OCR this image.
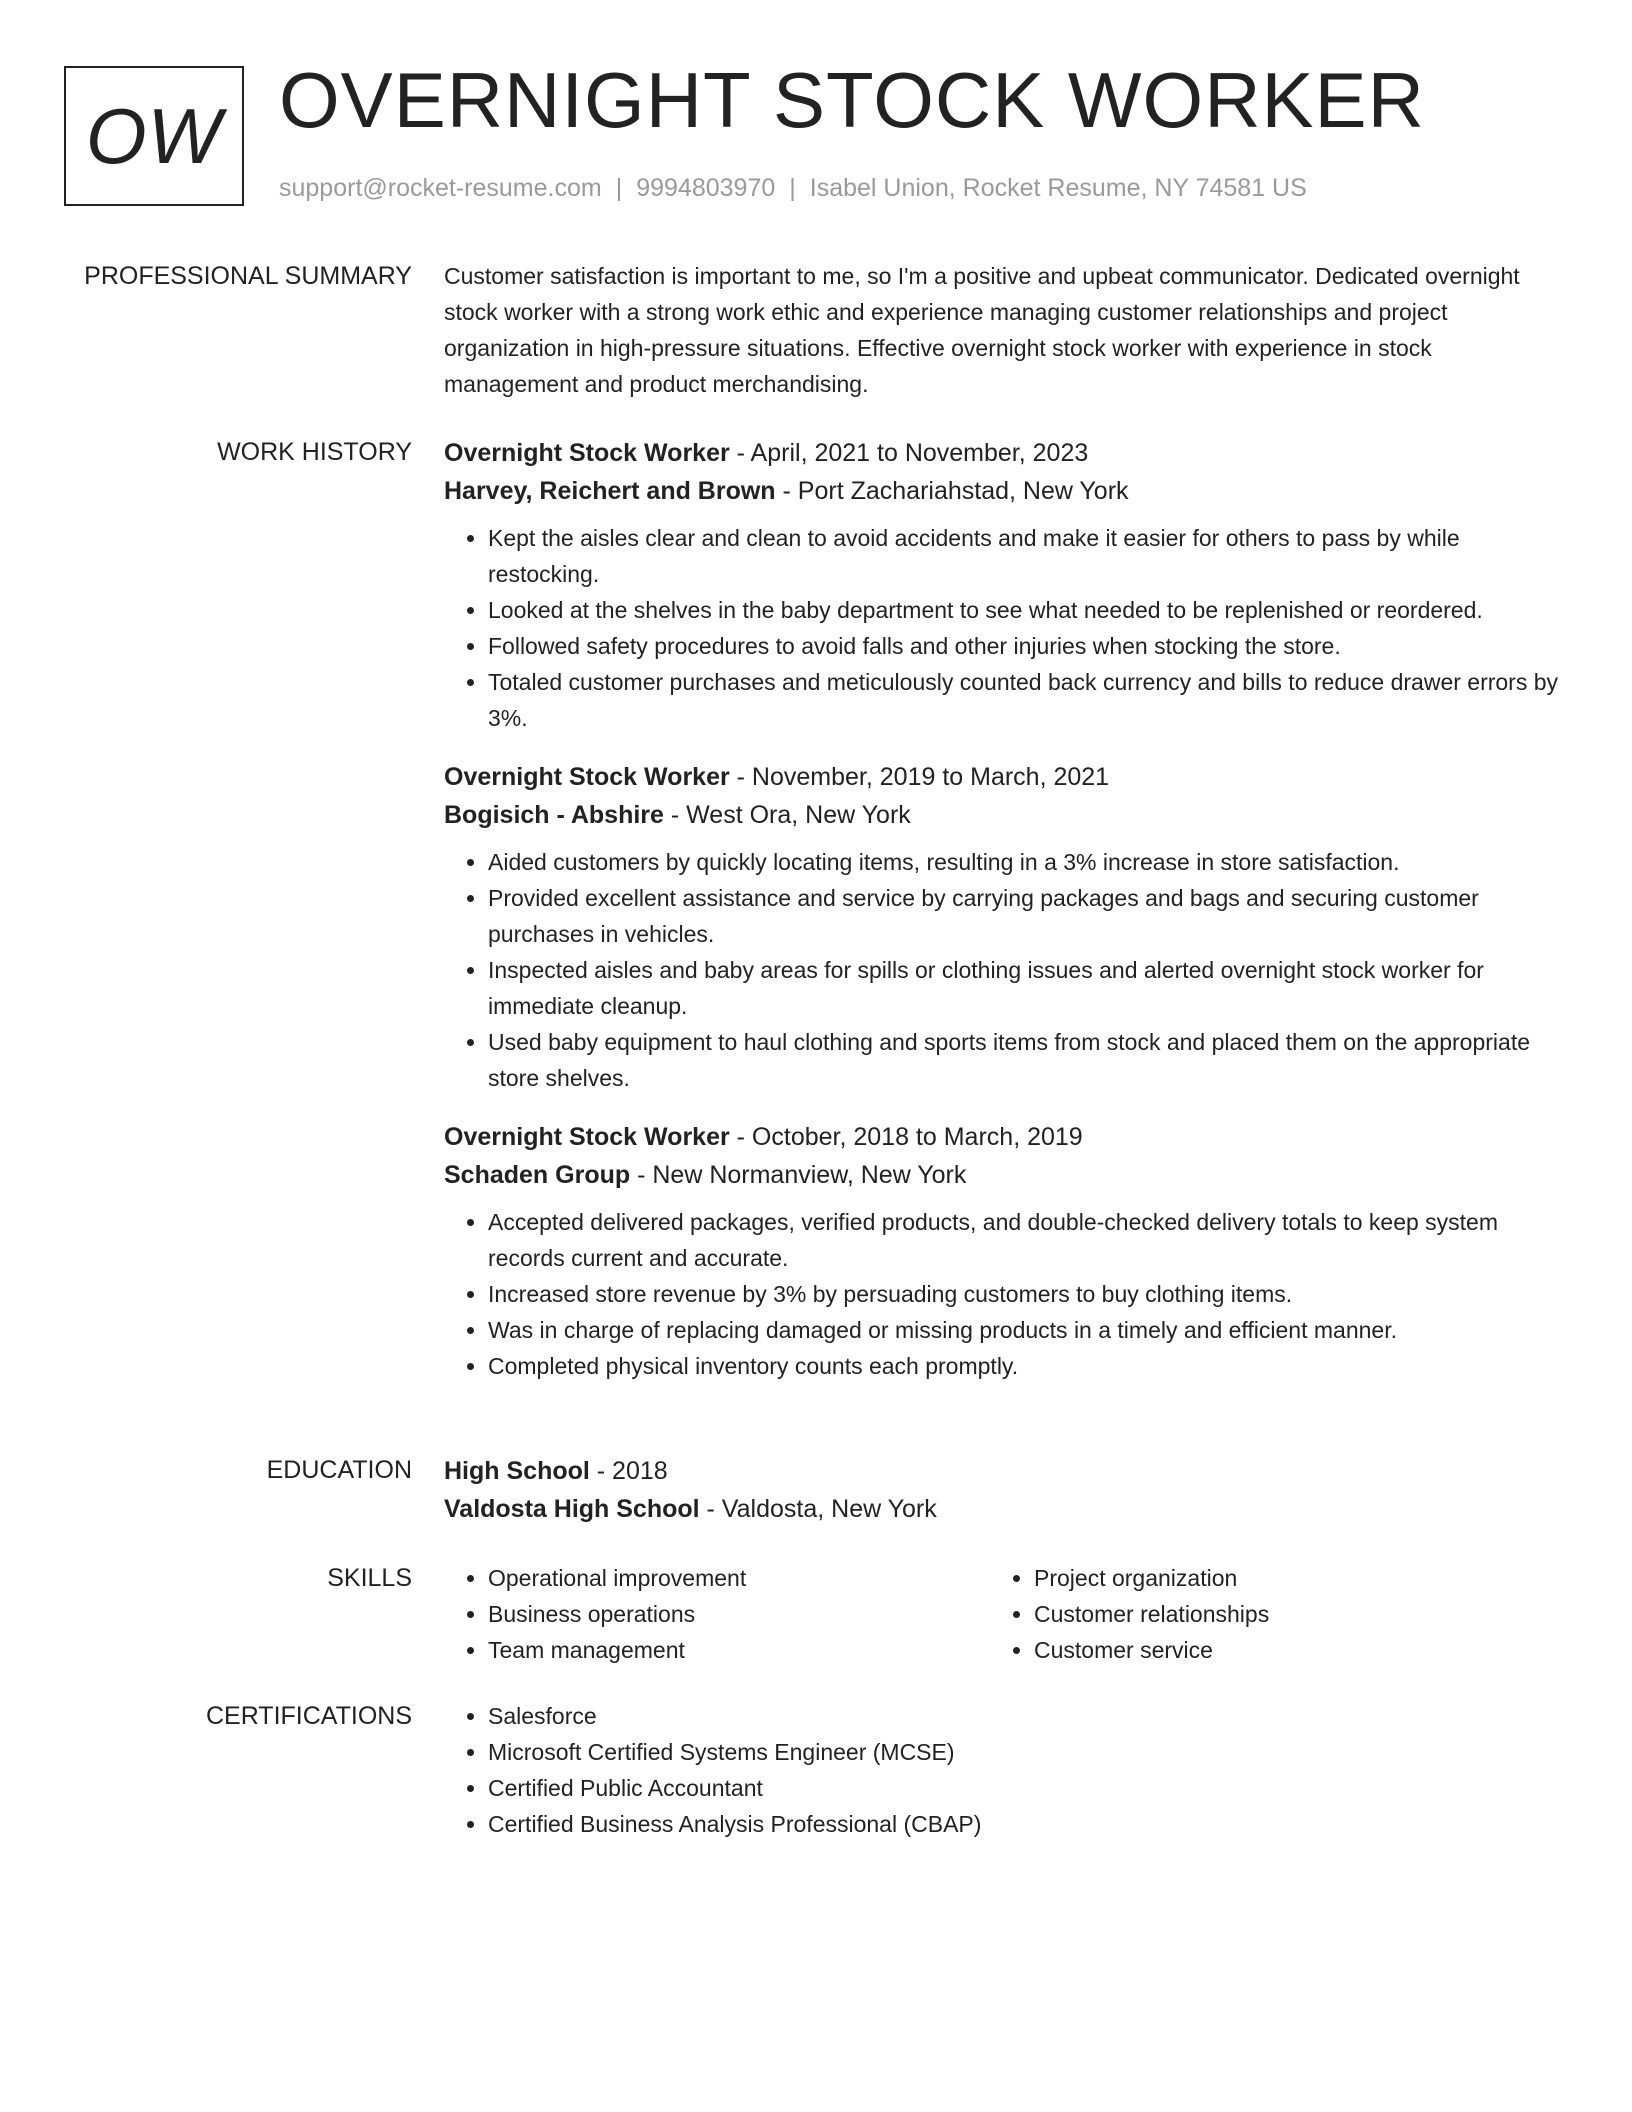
OW OVERNIGHT STOCK WORKER
support@rocket-resume.com | 9994803970 | Isabel Union, Rocket Resume, NY 74581 US
PROFESSIONAL SUMMARY Customer satisfaction is important to me, so I'm a positive and upbeat communicator. Dedicated overnight stock worker with a strong work ethic and experience managing customer relationships and project organization in high-pressure situations. Effective overnight stock worker with experience in stock management and product merchandising.

WORK HISTORY Overnight Stock Worker - April, 2021 to November, 2023
Harvey, Reichert and Brown - Port Zachariahstad, New York
• Kept the aisles clear and clean to avoid accidents and make it easier for others to pass by while restocking.
• Looked at the shelves in the baby department to see what needed to be replenished or reordered.
• Followed safety procedures to avoid falls and other injuries when stocking the store.
• Totaled customer purchases and meticulously counted back currency and bills to reduce drawer errors by 3%.
Overnight Stock Worker - November, 2019 to March, 2021
Bogisich - Abshire - West Ora, New York
• Aided customers by quickly locating items, resulting in a 3% increase in store satisfaction.
• Provided excellent assistance and service by carrying packages and bags and securing customer purchases in vehicles.
• Inspected aisles and baby areas for spills or clothing issues and alerted overnight stock worker for immediate cleanup.
• Used baby equipment to haul clothing and sports items from stock and placed them on the appropriate store shelves.
Overnight Stock Worker - October, 2018 to March, 2019
Schaden Group - New Normanview, New York
• Accepted delivered packages, verified products, and double-checked delivery totals to keep system records current and accurate.
• Increased store revenue by 3% by persuading customers to buy clothing items.
• Was in charge of replacing damaged or missing products in a timely and efficient manner.
• Completed physical inventory counts each promptly.
EDUCATION High School - 2018
Valdosta High School - Valdosta, New York
SKILLS	• Operational improvement
• Business operations
• Team management
• Project organization
• Customer relationships
• Customer service
CERTIFICATIONS	• Salesforce
• Microsoft Certified Systems Engineer (MCSE)
• Certified Public Accountant
• Certified Business Analysis Professional (CBAP)
